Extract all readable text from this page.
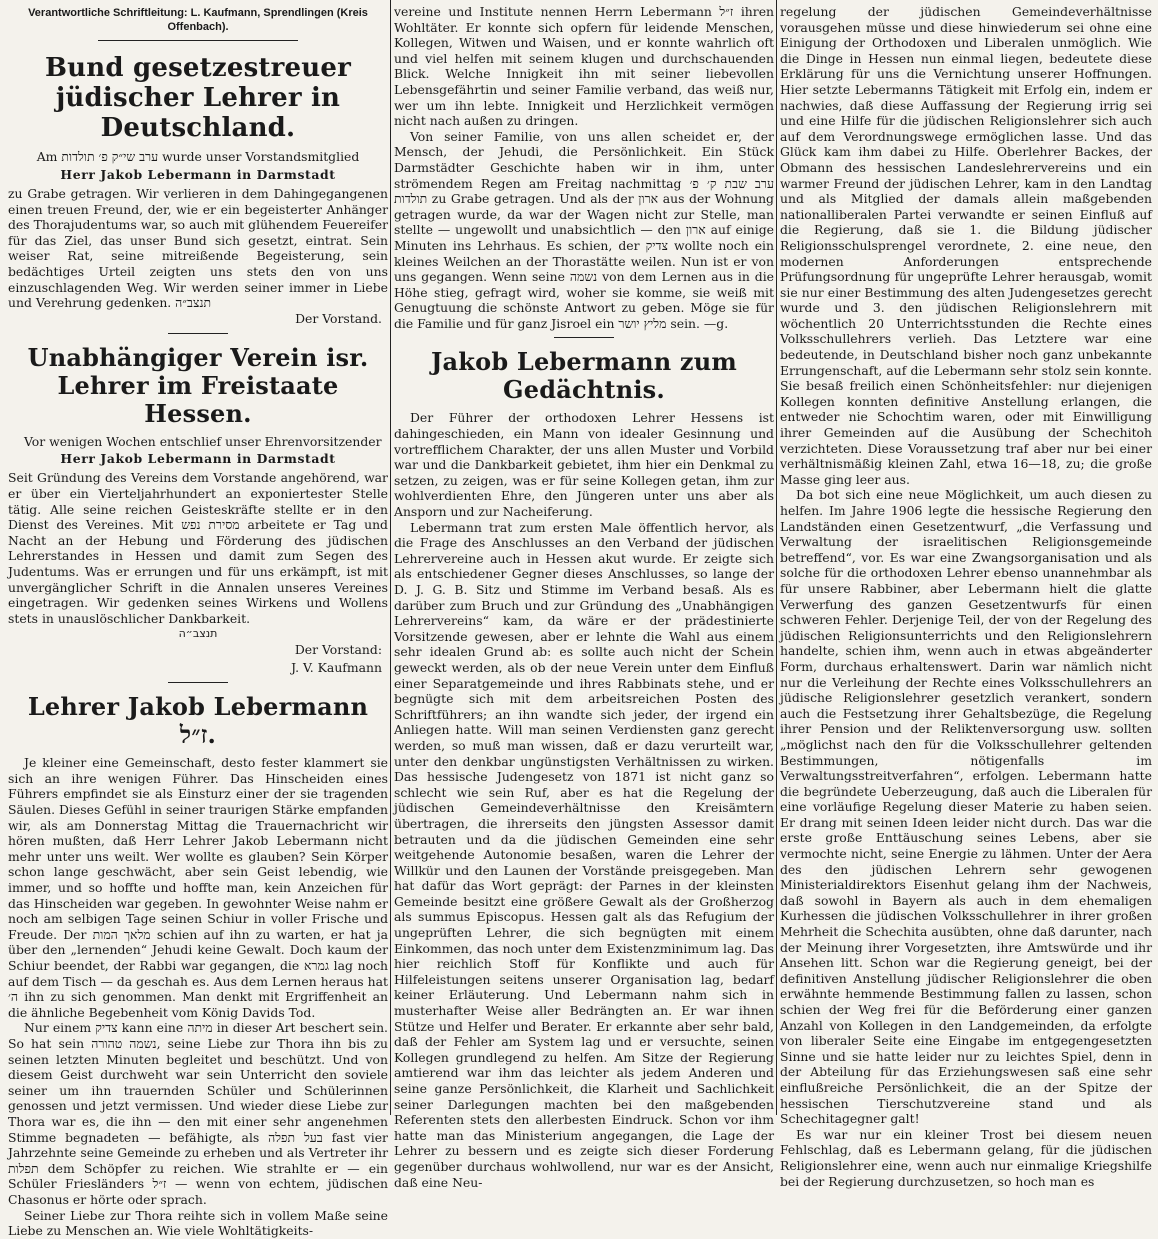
Verantwortliche Schriftleitung: L. Kaufmann, Sprendlingen (Kreis Offenbach).
Bund gesetzestreuer jüdischer Lehrer in Deutschland.

Am ערב שי״ק פ׳ תולדות wurde unser Vorstandsmitglied

Herr Jakob Lebermann in Darmstadt

zu Grabe getragen. Wir verlieren in dem Dahingegangenen einen treuen Freund, der, wie er ein begeisterter Anhänger des Thorajudentums war, so auch mit glühendem Feuereifer für das Ziel, das unser Bund sich gesetzt, eintrat. Sein weiser Rat, seine mitreißende Begeisterung, sein bedächtiges Urteil zeigten uns stets den von uns einzuschlagenden Weg. Wir werden seiner immer in Liebe und Verehrung gedenken. תנצב״ה

Der Vorstand.

Unabhängiger Verein isr. Lehrer im Freistaate Hessen.

Vor wenigen Wochen entschlief unser Ehrenvorsitzender

Herr Jakob Lebermann in Darmstadt

Seit Gründung des Vereins dem Vorstande angehörend, war er über ein Vierteljahrhundert an exponiertester Stelle tätig. Alle seine reichen Geisteskräfte stellte er in den Dienst des Vereines. Mit מסירת נפש arbeitete er Tag und Nacht an der Hebung und Förderung des jüdischen Lehrerstandes in Hessen und damit zum Segen des Judentums. Was er errungen und für uns erkämpft, ist mit unvergänglicher Schrift in die Annalen unseres Vereines eingetragen. Wir gedenken seines Wirkens und Wollens stets in unauslöschlicher Dankbarkeit.

תנצב״ה

Der Vorstand:

J. V. Kaufmann

Lehrer Jakob Lebermann ז״ל.

Je kleiner eine Gemeinschaft, desto fester klammert sie sich an ihre wenigen Führer. Das Hinscheiden eines Führers empfindet sie als Einsturz einer der sie tragenden Säulen. Dieses Gefühl in seiner traurigen Stärke empfanden wir, als am Donnerstag Mittag die Trauernachricht wir hören mußten, daß Herr Lehrer Jakob Lebermann nicht mehr unter uns weilt. Wer wollte es glauben? Sein Körper schon lange geschwächt, aber sein Geist lebendig, wie immer, und so hoffte und hoffte man, kein Anzeichen für das Hinscheiden war gegeben. In gewohnter Weise nahm er noch am selbigen Tage seinen Schiur in voller Frische und Freude. Der מלאך המות schien auf ihn zu warten, er hat ja über den „lernenden“ Jehudi keine Gewalt. Doch kaum der Schiur beendet, der Rabbi war gegangen, die גמרא lag noch auf dem Tisch — da geschah es. Aus dem Lernen heraus hat ה׳ ihn zu sich genommen. Man denkt mit Ergriffenheit an die ähnliche Begebenheit vom König Davids Tod.

Nur einem צדיק kann eine מיתה in dieser Art beschert sein. So hat sein נשמה טהורה, seine Liebe zur Thora ihn bis zu seinen letzten Minuten begleitet und beschützt. Und von diesem Geist durchweht war sein Unterricht den soviele seiner um ihn trauernden Schüler und Schülerinnen genossen und jetzt vermissen. Und wieder diese Liebe zur Thora war es, die ihn — den mit einer sehr angenehmen Stimme begnadeten — befähigte, als בעל תפלה fast vier Jahrzehnte seine Gemeinde zu erheben und als Vertreter ihr תפלות dem Schöpfer zu reichen. Wie strahlte er — ein Schüler Friesländers ז״ל — wenn von echtem, jüdischen Chasonus er hörte oder sprach.

Seiner Liebe zur Thora reihte sich in vollem Maße seine Liebe zu Menschen an. Wie viele Wohltätigkeits-

vereine und Institute nennen Herrn Lebermann ז״ל ihren Wohltäter. Er konnte sich opfern für leidende Menschen, Kollegen, Witwen und Waisen, und er konnte wahrlich oft und viel helfen mit seinem klugen und durchschauenden Blick. Welche Innigkeit ihn mit seiner liebevollen Lebensgefährtin und seiner Familie verband, das weiß nur, wer um ihn lebte. Innigkeit und Herzlichkeit vermögen nicht nach außen zu dringen.

Von seiner Familie, von uns allen scheidet er, der Mensch, der Jehudi, die Persönlichkeit. Ein Stück Darmstädter Geschichte haben wir in ihm, unter strömendem Regen am Freitag nachmittag ערב שבת ק׳ פ׳ תולדות zu Grabe getragen. Und als der ארון aus der Wohnung getragen wurde, da war der Wagen nicht zur Stelle, man stellte — ungewollt und unabsichtlich — den ארון auf einige Minuten ins Lehrhaus. Es schien, der צדיק wollte noch ein kleines Weilchen an der Thorastätte weilen. Nun ist er von uns gegangen. Wenn seine נשמה von dem Lernen aus in die Höhe stieg, gefragt wird, woher sie komme, sie weiß mit Genugtuung die schönste Antwort zu geben. Möge sie für die Familie und für ganz Jisroel ein מליץ יושר sein. —g.

Jakob Lebermann zum Gedächtnis.

Der Führer der orthodoxen Lehrer Hessens ist dahingeschieden, ein Mann von idealer Gesinnung und vortrefflichem Charakter, der uns allen Muster und Vorbild war und die Dankbarkeit gebietet, ihm hier ein Denkmal zu setzen, zu zeigen, was er für seine Kollegen getan, ihm zur wohlverdienten Ehre, den Jüngeren unter uns aber als Ansporn und zur Nacheiferung.

Lebermann trat zum ersten Male öffentlich hervor, als die Frage des Anschlusses an den Verband der jüdischen Lehrervereine auch in Hessen akut wurde. Er zeigte sich als entschiedener Gegner dieses Anschlusses, so lange der D. J. G. B. Sitz und Stimme im Verband besaß. Als es darüber zum Bruch und zur Gründung des „Unabhängigen Lehrervereins“ kam, da wäre er der prädestinierte Vorsitzende gewesen, aber er lehnte die Wahl aus einem sehr idealen Grund ab: es sollte auch nicht der Schein geweckt werden, als ob der neue Verein unter dem Einfluß einer Separatgemeinde und ihres Rabbinats stehe, und er begnügte sich mit dem arbeitsreichen Posten des Schriftführers; an ihn wandte sich jeder, der irgend ein Anliegen hatte. Will man seinen Verdiensten ganz gerecht werden, so muß man wissen, daß er dazu verurteilt war, unter den denkbar ungünstigsten Verhältnissen zu wirken. Das hessische Judengesetz von 1871 ist nicht ganz so schlecht wie sein Ruf, aber es hat die Regelung der jüdischen Gemeindeverhältnisse den Kreisämtern übertragen, die ihrerseits den jüngsten Assessor damit betrauten und da die jüdischen Gemeinden eine sehr weitgehende Autonomie besaßen, waren die Lehrer der Willkür und den Launen der Vorstände preisgegeben. Man hat dafür das Wort geprägt: der Parnes in der kleinsten Gemeinde besitzt eine größere Gewalt als der Großherzog als summus Episcopus. Hessen galt als das Refugium der ungeprüften Lehrer, die sich begnügten mit einem Einkommen, das noch unter dem Existenzminimum lag. Das hier reichlich Stoff für Konflikte und auch für Hilfeleistungen seitens unserer Organisation lag, bedarf keiner Erläuterung. Und Lebermann nahm sich in musterhafter Weise aller Bedrängten an. Er war ihnen Stütze und Helfer und Berater. Er erkannte aber sehr bald, daß der Fehler am System lag und er versuchte, seinen Kollegen grundlegend zu helfen. Am Sitze der Regierung amtierend war ihm das leichter als jedem Anderen und seine ganze Persönlichkeit, die Klarheit und Sachlichkeit seiner Darlegungen machten bei den maßgebenden Referenten stets den allerbesten Eindruck. Schon vor ihm hatte man das Ministerium angegangen, die Lage der Lehrer zu bessern und es zeigte sich dieser Forderung gegenüber durchaus wohlwollend, nur war es der Ansicht, daß eine Neu-

regelung der jüdischen Gemeindeverhältnisse vorausgehen müsse und diese hinwiederum sei ohne eine Einigung der Orthodoxen und Liberalen unmöglich. Wie die Dinge in Hessen nun einmal liegen, bedeutete diese Erklärung für uns die Vernichtung unserer Hoffnungen. Hier setzte Lebermanns Tätigkeit mit Erfolg ein, indem er nachwies, daß diese Auffassung der Regierung irrig sei und eine Hilfe für die jüdischen Religionslehrer sich auch auf dem Verordnungswege ermöglichen lasse. Und das Glück kam ihm dabei zu Hilfe. Oberlehrer Backes, der Obmann des hessischen Landeslehrervereins und ein warmer Freund der jüdischen Lehrer, kam in den Landtag und als Mitglied der damals allein maßgebenden nationalliberalen Partei verwandte er seinen Einfluß auf die Regierung, daß sie 1. die Bildung jüdischer Religionsschulsprengel verordnete, 2. eine neue, den modernen Anforderungen entsprechende Prüfungsordnung für ungeprüfte Lehrer herausgab, womit sie nur einer Bestimmung des alten Judengesetzes gerecht wurde und 3. den jüdischen Religionslehrern mit wöchentlich 20 Unterrichtsstunden die Rechte eines Volksschullehrers verlieh. Das Letztere war eine bedeutende, in Deutschland bisher noch ganz unbekannte Errungenschaft, auf die Lebermann sehr stolz sein konnte. Sie besaß freilich einen Schönheitsfehler: nur diejenigen Kollegen konnten definitive Anstellung erlangen, die entweder nie Schochtim waren, oder mit Einwilligung ihrer Gemeinden auf die Ausübung der Schechitoh verzichteten. Diese Voraussetzung traf aber nur bei einer verhältnismäßig kleinen Zahl, etwa 16—18, zu; die große Masse ging leer aus.

Da bot sich eine neue Möglichkeit, um auch diesen zu helfen. Im Jahre 1906 legte die hessische Regierung den Landständen einen Gesetzentwurf, „die Verfassung und Verwaltung der israelitischen Religionsgemeinde betreffend“, vor. Es war eine Zwangsorganisation und als solche für die orthodoxen Lehrer ebenso unannehmbar als für unsere Rabbiner, aber Lebermann hielt die glatte Verwerfung des ganzen Gesetzentwurfs für einen schweren Fehler. Derjenige Teil, der von der Regelung des jüdischen Religionsunterrichts und den Religionslehrern handelte, schien ihm, wenn auch in etwas abgeänderter Form, durchaus erhaltenswert. Darin war nämlich nicht nur die Verleihung der Rechte eines Volksschullehrers an jüdische Religionslehrer gesetzlich verankert, sondern auch die Festsetzung ihrer Gehaltsbezüge, die Regelung ihrer Pension und der Reliktenversorgung usw. sollten „möglichst nach den für die Volksschullehrer geltenden Bestimmungen, nötigenfalls im Verwaltungsstreitverfahren“, erfolgen. Lebermann hatte die begründete Ueberzeugung, daß auch die Liberalen für eine vorläufige Regelung dieser Materie zu haben seien. Er drang mit seinen Ideen leider nicht durch. Das war die erste große Enttäuschung seines Lebens, aber sie vermochte nicht, seine Energie zu lähmen. Unter der Aera des den jüdischen Lehrern sehr gewogenen Ministerialdirektors Eisenhut gelang ihm der Nachweis, daß sowohl in Bayern als auch in dem ehemaligen Kurhessen die jüdischen Volksschullehrer in ihrer großen Mehrheit die Schechita ausübten, ohne daß darunter, nach der Meinung ihrer Vorgesetzten, ihre Amtswürde und ihr Ansehen litt. Schon war die Regierung geneigt, bei der definitiven Anstellung jüdischer Religionslehrer die oben erwähnte hemmende Bestimmung fallen zu lassen, schon schien der Weg frei für die Beförderung einer ganzen Anzahl von Kollegen in den Landgemeinden, da erfolgte von liberaler Seite eine Eingabe im entgegengesetzten Sinne und sie hatte leider nur zu leichtes Spiel, denn in der Abteilung für das Erziehungswesen saß eine sehr einflußreiche Persönlichkeit, die an der Spitze der hessischen Tierschutzvereine stand und als Schechitagegner galt!

Es war nur ein kleiner Trost bei diesem neuen Fehlschlag, daß es Lebermann gelang, für die jüdischen Religionslehrer eine, wenn auch nur einmalige Kriegshilfe bei der Regierung durchzusetzen, so hoch man es
